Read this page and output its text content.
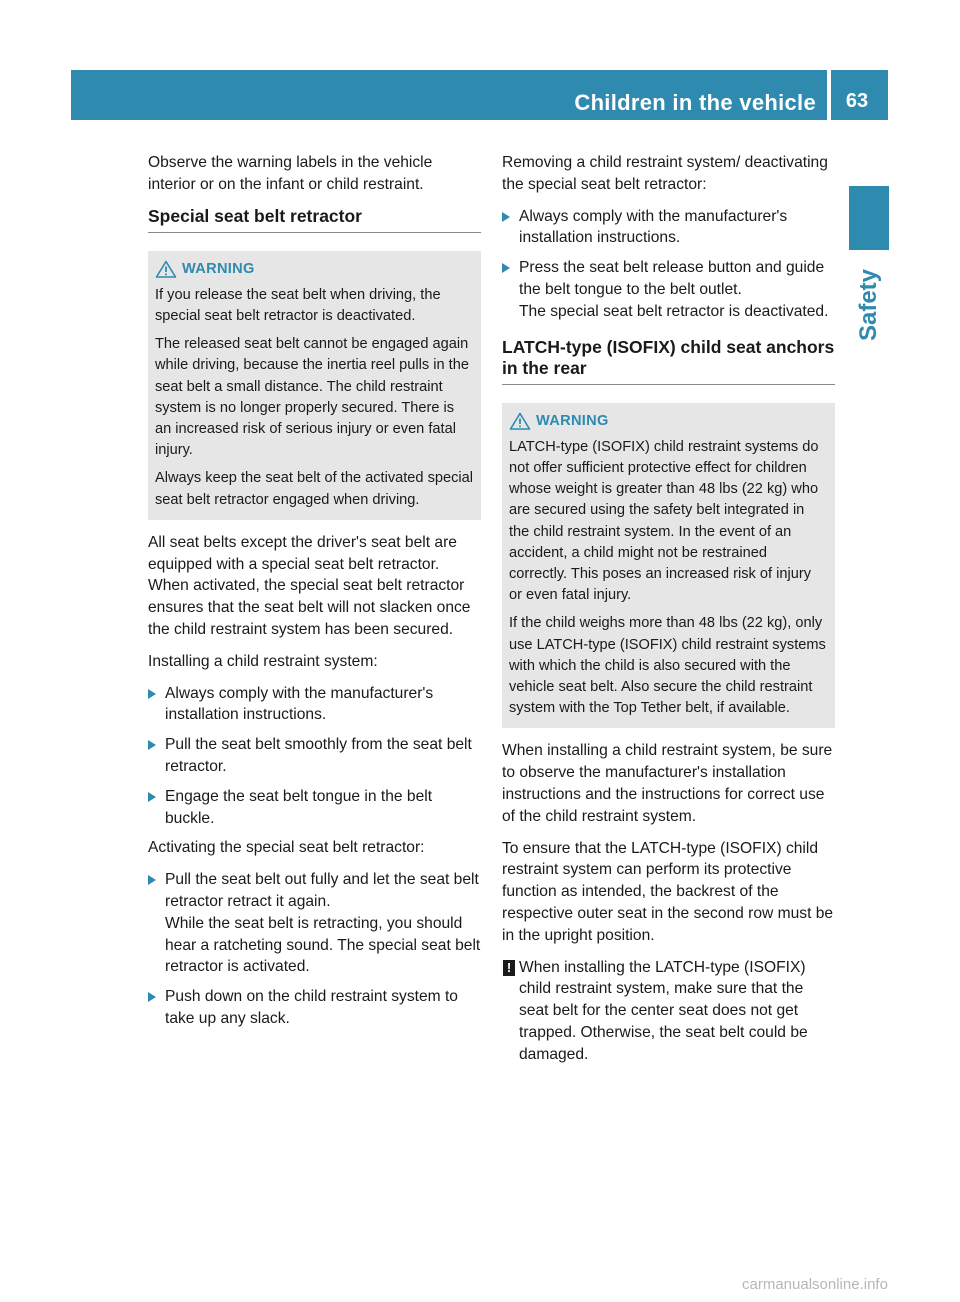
Children in the vehicle	63
Safety

Observe the warning labels in the vehicle interior or on the infant or child restraint.

Special seat belt retractor
WARNING

If you release the seat belt when driving, the special seat belt retractor is deactivated.

The released seat belt cannot be engaged again while driving, because the inertia reel pulls in the seat belt a small distance. The child restraint system is no longer properly secured. There is an increased risk of serious injury or even fatal injury.

Always keep the seat belt of the activated special seat belt retractor engaged when driving.

All seat belts except the driver's seat belt are equipped with a special seat belt retractor. When activated, the special seat belt retractor ensures that the seat belt will not slacken once the child restraint system has been secured.

Installing a child restraint system:

Always comply with the manufacturer's installation instructions.
Pull the seat belt smoothly from the seat belt retractor.
Engage the seat belt tongue in the belt buckle.

Activating the special seat belt retractor:

Pull the seat belt out fully and let the seat belt retractor retract it again.
While the seat belt is retracting, you should hear a ratcheting sound. The special seat belt retractor is activated.
Push down on the child restraint system to take up any slack.

Removing a child restraint system/ deactivating the special seat belt retractor:

Always comply with the manufacturer's installation instructions.
Press the seat belt release button and guide the belt tongue to the belt outlet.
The special seat belt retractor is deactivated.
LATCH-type (ISOFIX) child seat anchors in the rear
WARNING

LATCH-type (ISOFIX) child restraint systems do not offer sufficient protective effect for children whose weight is greater than 48 lbs (22 kg) who are secured using the safety belt integrated in the child restraint system. In the event of an accident, a child might not be restrained correctly. This poses an increased risk of injury or even fatal injury.

If the child weighs more than 48 lbs (22 kg), only use LATCH-type (ISOFIX) child restraint systems with which the child is also secured with the vehicle seat belt. Also secure the child restraint system with the Top Tether belt, if available.

When installing a child restraint system, be sure to observe the manufacturer's installation instructions and the instructions for correct use of the child restraint system.

To ensure that the LATCH-type (ISOFIX) child restraint system can perform its protective function as intended, the backrest of the respective outer seat in the second row must be in the upright position.

! When installing the LATCH-type (ISOFIX) child restraint system, make sure that the seat belt for the center seat does not get trapped. Otherwise, the seat belt could be damaged.
carmanualsonline.info
